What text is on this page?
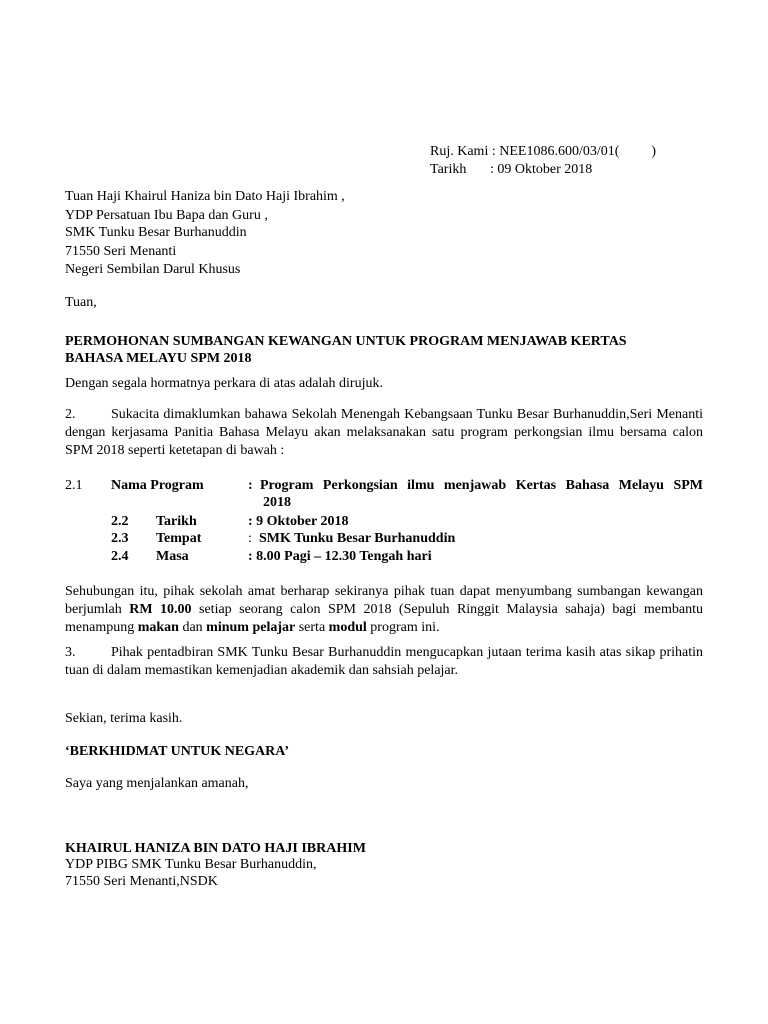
Ruj. Kami : NEE1086.600/03/01( )
Tarikh : 09 Oktober 2018
Tuan Haji Khairul Haniza bin Dato Haji Ibrahim ,
YDP Persatuan Ibu Bapa dan Guru ,
SMK Tunku Besar Burhanuddin
71550 Seri Menanti
Negeri Sembilan Darul Khusus
Tuan,
PERMOHONAN SUMBANGAN KEWANGAN UNTUK PROGRAM MENJAWAB KERTAS
BAHASA MELAYU SPM 2018
Dengan segala hormatnya perkara di atas adalah dirujuk.
2.	Sukacita dimaklumkan bahawa Sekolah Menengah Kebangsaan Tunku Besar Burhanuddin,Seri Menanti dengan kerjasama Panitia Bahasa Melayu akan melaksanakan satu program perkongsian ilmu bersama calon SPM 2018 seperti ketetapan di bawah :
2.1 Nama Program	: Program Perkongsian ilmu menjawab Kertas Bahasa Melayu SPM
2018
2.2 Tarikh	: 9 Oktober 2018
2.3 Tempat	: SMK Tunku Besar Burhanuddin
2.4 Masa	: 8.00 Pagi – 12.30 Tengah hari
Sehubungan itu, pihak sekolah amat berharap sekiranya pihak tuan dapat menyumbang sumbangan kewangan berjumlah RM 10.00 setiap seorang calon SPM 2018 (Sepuluh Ringgit Malaysia sahaja) bagi membantu menampung makan dan minum pelajar serta modul program ini.
3.	Pihak pentadbiran SMK Tunku Besar Burhanuddin mengucapkan jutaan terima kasih atas sikap prihatin tuan di dalam memastikan kemenjadian akademik dan sahsiah pelajar.
Sekian, terima kasih.
‘BERKHIDMAT UNTUK NEGARA’
Saya yang menjalankan amanah,
KHAIRUL HANIZA BIN DATO HAJI IBRAHIM
YDP PIBG SMK Tunku Besar Burhanuddin,
71550 Seri Menanti,NSDK
